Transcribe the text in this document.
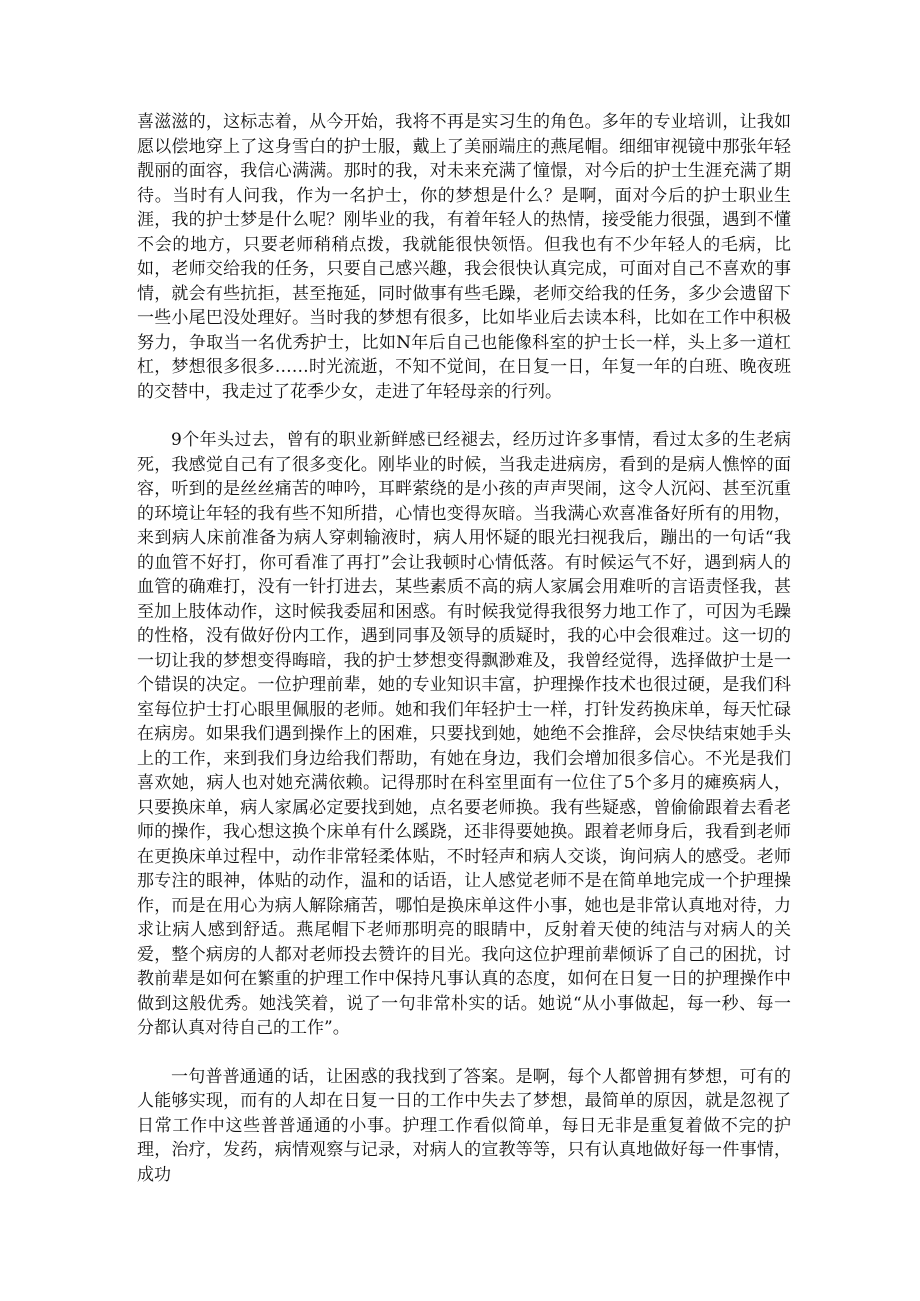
喜滋滋的，这标志着，从今开始，我将不再是实习生的角色。多年的专业培训，让我如愿以偿地穿上了这身雪白的护士服，戴上了美丽端庄的燕尾帽。细细审视镜中那张年轻靓丽的面容，我信心满满。那时的我，对未来充满了憧憬，对今后的护士生涯充满了期待。当时有人问我，作为一名护士，你的梦想是什么？是啊，面对今后的护士职业生涯，我的护士梦是什么呢？刚毕业的我，有着年轻人的热情，接受能力很强，遇到不懂不会的地方，只要老师稍稍点拨，我就能很快领悟。但我也有不少年轻人的毛病，比如，老师交给我的任务，只要自己感兴趣，我会很快认真完成，可面对自己不喜欢的事情，就会有些抗拒，甚至拖延，同时做事有些毛躁，老师交给我的任务，多少会遗留下一些小尾巴没处理好。当时我的梦想有很多，比如毕业后去读本科，比如在工作中积极努力，争取当一名优秀护士，比如N年后自己也能像科室的护士长一样，头上多一道杠杠，梦想很多很多……时光流逝，不知不觉间，在日复一日，年复一年的白班、晚夜班的交替中，我走过了花季少女，走进了年轻母亲的行列。

9个年头过去，曾有的职业新鲜感已经褪去，经历过许多事情，看过太多的生老病死，我感觉自己有了很多变化。刚毕业的时候，当我走进病房，看到的是病人憔悴的面容，听到的是丝丝痛苦的呻吟，耳畔萦绕的是小孩的声声哭闹，这令人沉闷、甚至沉重的环境让年轻的我有些不知所措，心情也变得灰暗。当我满心欢喜准备好所有的用物，来到病人床前准备为病人穿刺输液时，病人用怀疑的眼光扫视我后，蹦出的一句话“我的血管不好打，你可看准了再打”会让我顿时心情低落。有时候运气不好，遇到病人的血管的确难打，没有一针打进去，某些素质不高的病人家属会用难听的言语责怪我，甚至加上肢体动作，这时候我委屈和困惑。有时候我觉得我很努力地工作了，可因为毛躁的性格，没有做好份内工作，遇到同事及领导的质疑时，我的心中会很难过。这一切的一切让我的梦想变得晦暗，我的护士梦想变得飘渺难及，我曾经觉得，选择做护士是一个错误的决定。一位护理前辈，她的专业知识丰富，护理操作技术也很过硬，是我们科室每位护士打心眼里佩服的老师。她和我们年轻护士一样，打针发药换床单，每天忙碌在病房。如果我们遇到操作上的困难，只要找到她，她绝不会推辞，会尽快结束她手头上的工作，来到我们身边给我们帮助，有她在身边，我们会增加很多信心。不光是我们喜欢她，病人也对她充满依赖。记得那时在科室里面有一位住了5个多月的瘫痪病人，只要换床单，病人家属必定要找到她，点名要老师换。我有些疑惑，曾偷偷跟着去看老师的操作，我心想这换个床单有什么蹊跷，还非得要她换。跟着老师身后，我看到老师在更换床单过程中，动作非常轻柔体贴，不时轻声和病人交谈，询问病人的感受。老师那专注的眼神，体贴的动作，温和的话语，让人感觉老师不是在简单地完成一个护理操作，而是在用心为病人解除痛苦，哪怕是换床单这件小事，她也是非常认真地对待，力求让病人感到舒适。燕尾帽下老师那明亮的眼睛中，反射着天使的纯洁与对病人的关爱，整个病房的人都对老师投去赞许的目光。我向这位护理前辈倾诉了自己的困扰，讨教前辈是如何在繁重的护理工作中保持凡事认真的态度，如何在日复一日的护理操作中做到这般优秀。她浅笑着，说了一句非常朴实的话。她说“从小事做起，每一秒、每一分都认真对待自己的工作”。

一句普普通通的话，让困惑的我找到了答案。是啊，每个人都曾拥有梦想，可有的人能够实现，而有的人却在日复一日的工作中失去了梦想，最简单的原因，就是忽视了日常工作中这些普普通通的小事。护理工作看似简单，每日无非是重复着做不完的护理，治疗，发药，病情观察与记录，对病人的宣教等等，只有认真地做好每一件事情，成功
